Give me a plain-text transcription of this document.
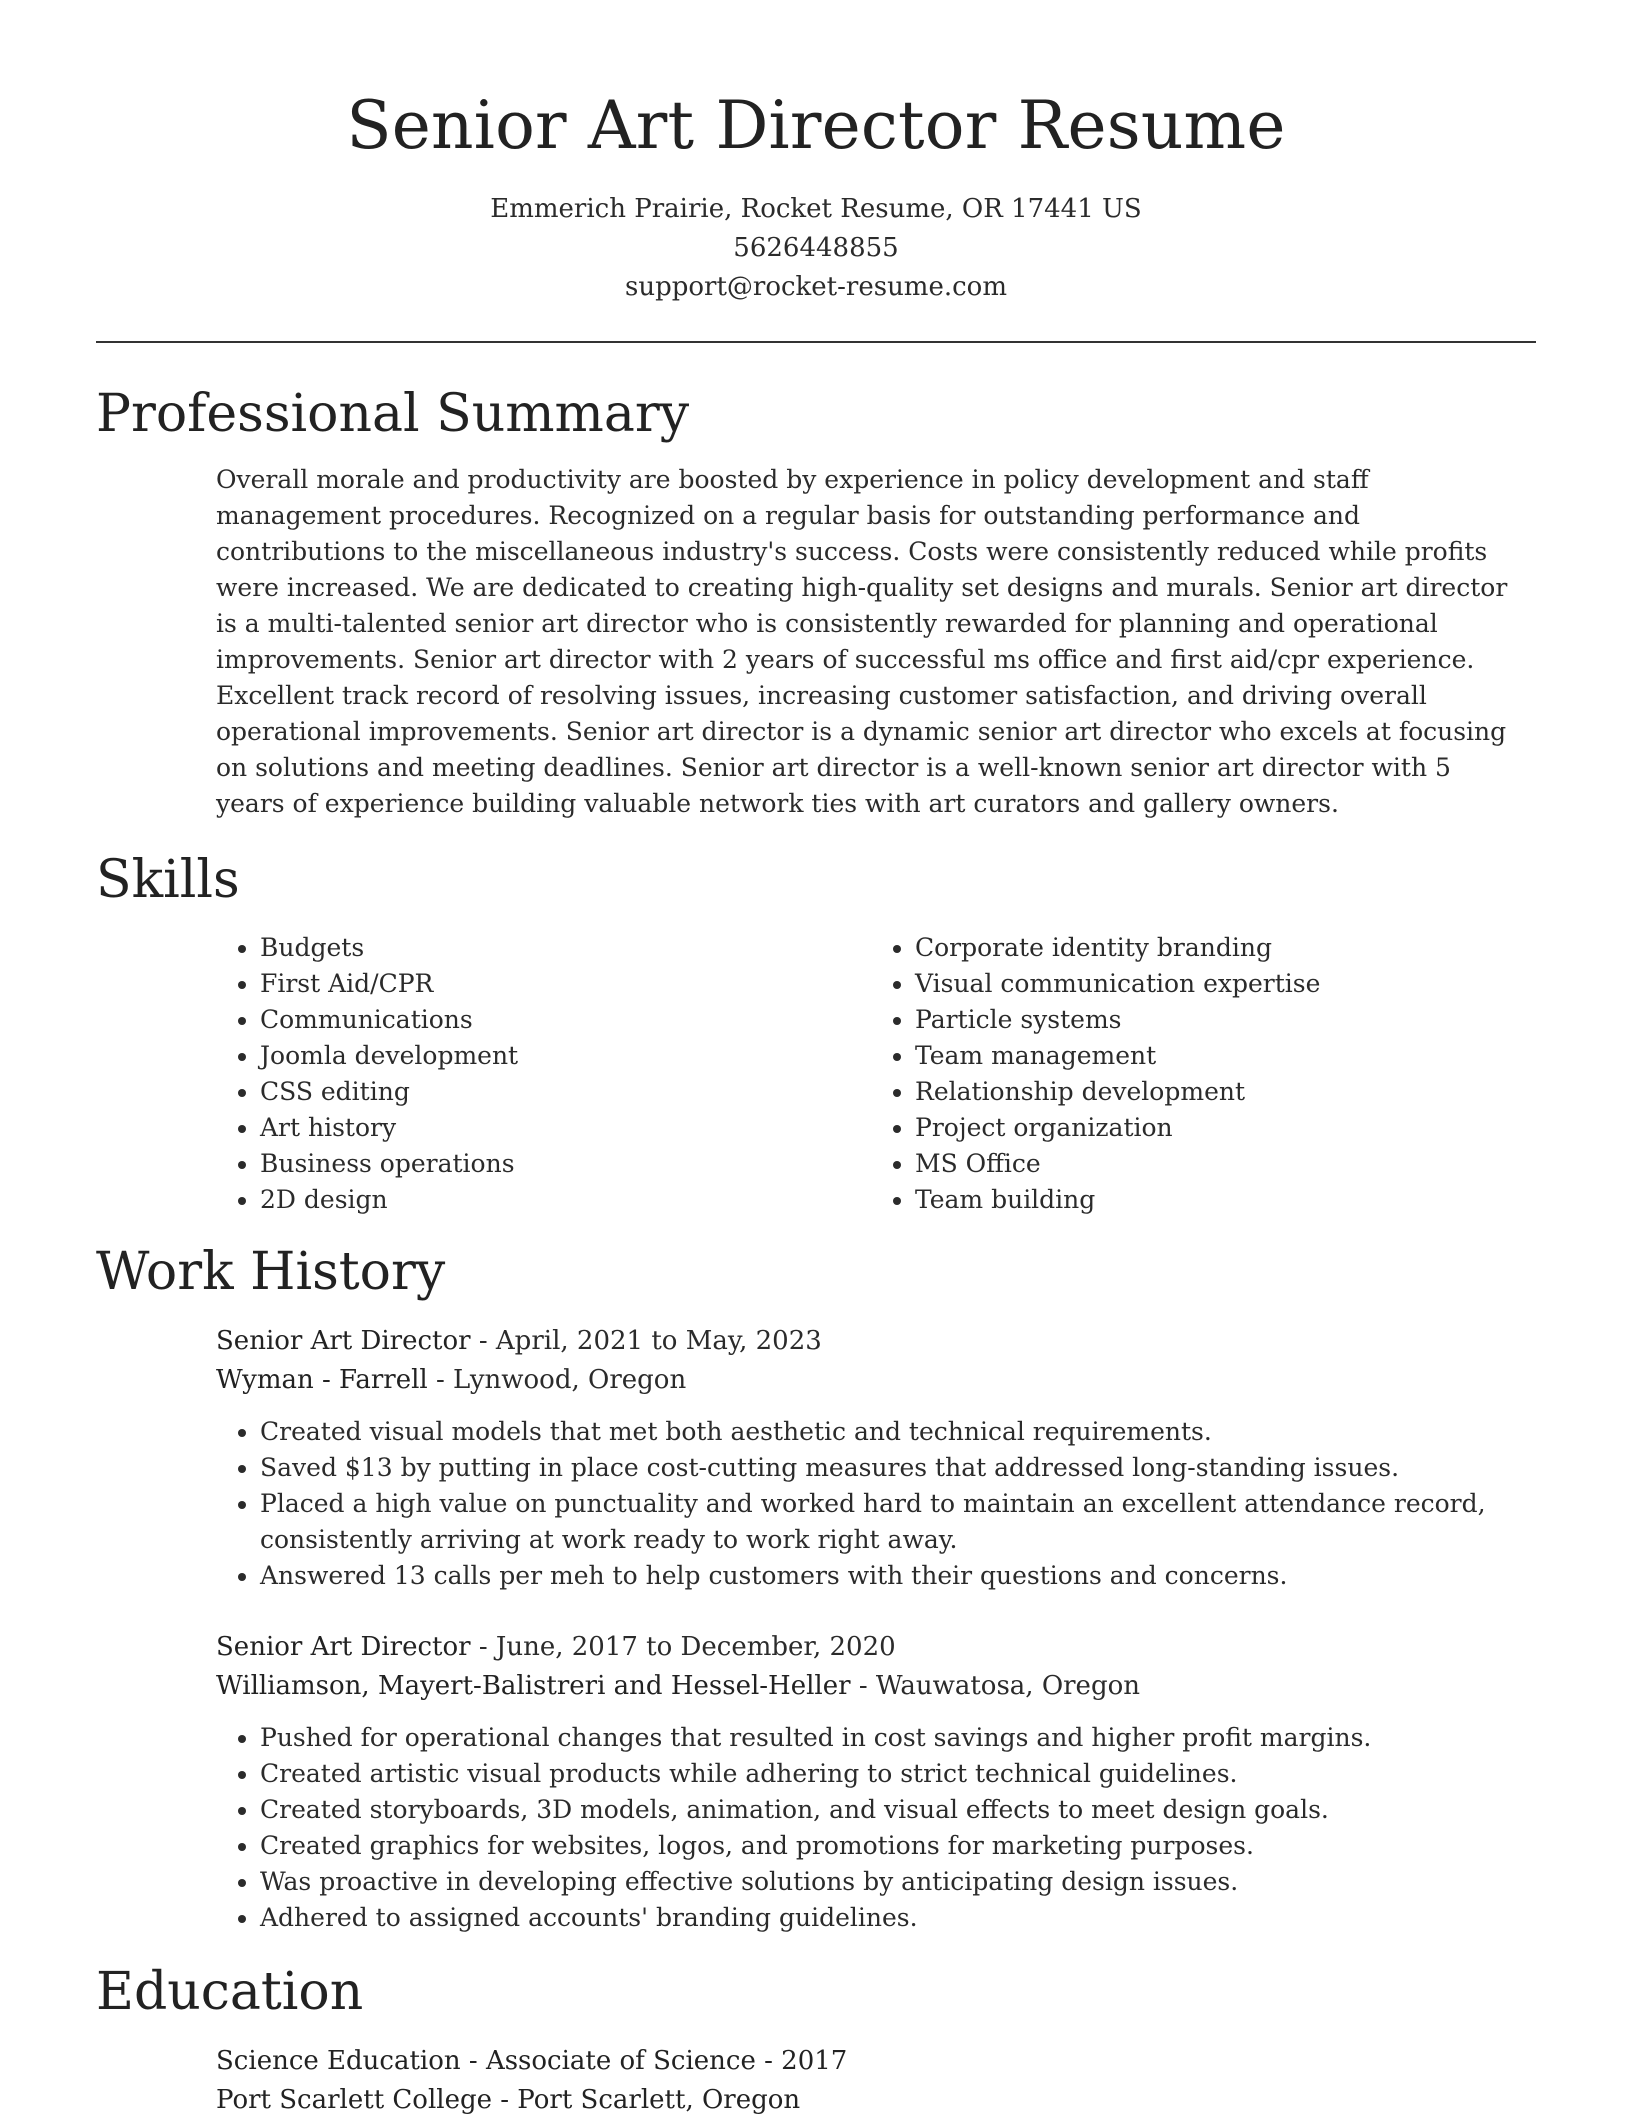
Senior Art Director Resume
Emmerich Prairie, Rocket Resume, OR 17441 US
5626448855
support@rocket-resume.com
Professional Summary

Overall morale and productivity are boosted by experience in policy development and staff management procedures. Recognized on a regular basis for outstanding performance and contributions to the miscellaneous industry's success. Costs were consistently reduced while profits were increased. We are dedicated to creating high-quality set designs and murals. Senior art director is a multi-talented senior art director who is consistently rewarded for planning and operational improvements. Senior art director with 2 years of successful ms office and first aid/cpr experience. Excellent track record of resolving issues, increasing customer satisfaction, and driving overall operational improvements. Senior art director is a dynamic senior art director who excels at focusing on solutions and meeting deadlines. Senior art director is a well-known senior art director with 5 years of experience building valuable network ties with art curators and gallery owners.

Skills
• Budgets
• First Aid/CPR
• Communications
• Joomla development
• CSS editing
• Art history
• Business operations
• 2D design
• Corporate identity branding
• Visual communication expertise
• Particle systems
• Team management
• Relationship development
• Project organization
• MS Office
• Team building
Work History

Senior Art Director - April, 2021 to May, 2023

Wyman - Farrell - Lynwood, Oregon

• Created visual models that met both aesthetic and technical requirements.
• Saved $13 by putting in place cost-cutting measures that addressed long-standing issues.
• Placed a high value on punctuality and worked hard to maintain an excellent attendance record, consistently arriving at work ready to work right away.
• Answered 13 calls per meh to help customers with their questions and concerns.

Senior Art Director - June, 2017 to December, 2020

Williamson, Mayert-Balistreri and Hessel-Heller - Wauwatosa, Oregon

• Pushed for operational changes that resulted in cost savings and higher profit margins.
• Created artistic visual products while adhering to strict technical guidelines.
• Created storyboards, 3D models, animation, and visual effects to meet design goals.
• Created graphics for websites, logos, and promotions for marketing purposes.
• Was proactive in developing effective solutions by anticipating design issues.
• Adhered to assigned accounts' branding guidelines.
Education

Science Education - Associate of Science - 2017

Port Scarlett College - Port Scarlett, Oregon
